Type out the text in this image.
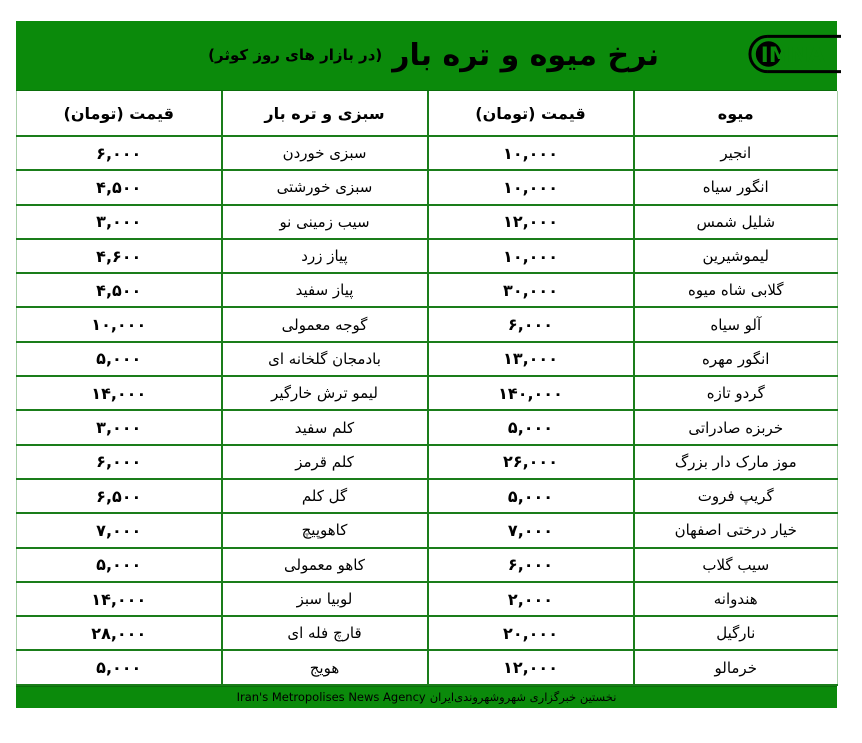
نرخ میوه و تره بار
(در بازار های روز کوثر)	IMNA
میوه	قیمت (تومان)	سبزی و تره بار	قیمت (تومان)
انجیر	۱۰,۰۰۰	سبزی خوردن	۶,۰۰۰
انگور سیاه	۱۰,۰۰۰	سبزی خورشتی	۴,۵۰۰
شلیل شمس	۱۲,۰۰۰	سیب زمینی نو	۳,۰۰۰
لیموشیرین	۱۰,۰۰۰	پیاز زرد	۴,۶۰۰
گلابی شاه میوه	۳۰,۰۰۰	پیاز سفید	۴,۵۰۰
آلو سیاه	۶,۰۰۰	گوجه معمولی	۱۰,۰۰۰
انگور مهره	۱۳,۰۰۰	بادمجان گلخانه ای	۵,۰۰۰
گردو تازه	۱۴۰,۰۰۰	لیمو ترش خارگیر	۱۴,۰۰۰
خربزه صادراتی	۵,۰۰۰	کلم سفید	۳,۰۰۰
موز مارک دار بزرگ	۲۶,۰۰۰	کلم قرمز	۶,۰۰۰
گریپ فروت	۵,۰۰۰	گل کلم	۶,۵۰۰
خیار درختی اصفهان	۷,۰۰۰	کاهوپیچ	۷,۰۰۰
سیب گلاب	۶,۰۰۰	کاهو معمولی	۵,۰۰۰
هندوانه	۲,۰۰۰	لوبیا سبز	۱۴,۰۰۰
نارگیل	۲۰,۰۰۰	قارچ فله ای	۲۸,۰۰۰
خرمالو	۱۲,۰۰۰	هویج	۵,۰۰۰
نخستین خبرگزاری شهروشهروندی‌ایران
Iran's Metropolises News Agency
